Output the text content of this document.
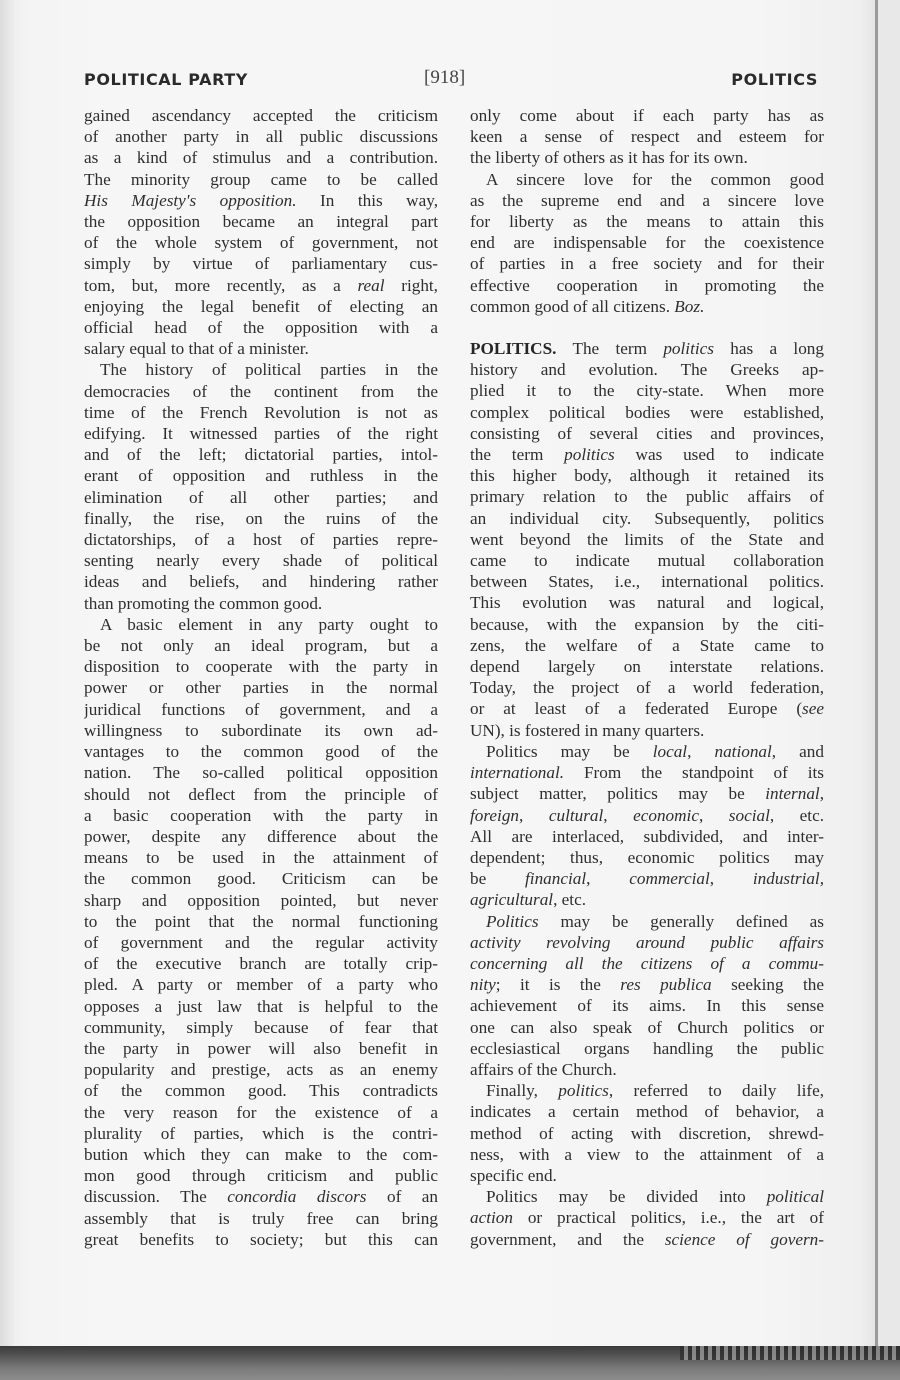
POLITICAL PARTY	[918]	POLITICS
gained ascendancy accepted the criticism
of another party in all public discussions
as a kind of stimulus and a contribution.
The minority group came to be called
His Majesty's opposition. In this way,
the opposition became an integral part
of the whole system of government, not
simply by virtue of parliamentary cus-
tom, but, more recently, as a real right,
enjoying the legal benefit of electing an
official head of the opposition with a
salary equal to that of a minister.
The history of political parties in the
democracies of the continent from the
time of the French Revolution is not as
edifying. It witnessed parties of the right
and of the left; dictatorial parties, intol-
erant of opposition and ruthless in the
elimination of all other parties; and
finally, the rise, on the ruins of the
dictatorships, of a host of parties repre-
senting nearly every shade of political
ideas and beliefs, and hindering rather
than promoting the common good.
A basic element in any party ought to
be not only an ideal program, but a
disposition to cooperate with the party in
power or other parties in the normal
juridical functions of government, and a
willingness to subordinate its own ad-
vantages to the common good of the
nation. The so-called political opposition
should not deflect from the principle of
a basic cooperation with the party in
power, despite any difference about the
means to be used in the attainment of
the common good. Criticism can be
sharp and opposition pointed, but never
to the point that the normal functioning
of government and the regular activity
of the executive branch are totally crip-
pled. A party or member of a party who
opposes a just law that is helpful to the
community, simply because of fear that
the party in power will also benefit in
popularity and prestige, acts as an enemy
of the common good. This contradicts
the very reason for the existence of a
plurality of parties, which is the contri-
bution which they can make to the com-
mon good through criticism and public
discussion. The concordia discors of an
assembly that is truly free can bring
great benefits to society; but this can
only come about if each party has as
keen a sense of respect and esteem for
the liberty of others as it has for its own.
A sincere love for the common good
as the supreme end and a sincere love
for liberty as the means to attain this
end are indispensable for the coexistence
of parties in a free society and for their
effective cooperation in promoting the
common good of all citizens. Boz.
POLITICS. The term politics has a long
history and evolution. The Greeks ap-
plied it to the city-state. When more
complex political bodies were established,
consisting of several cities and provinces,
the term politics was used to indicate
this higher body, although it retained its
primary relation to the public affairs of
an individual city. Subsequently, politics
went beyond the limits of the State and
came to indicate mutual collaboration
between States, i.e., international politics.
This evolution was natural and logical,
because, with the expansion by the citi-
zens, the welfare of a State came to
depend largely on interstate relations.
Today, the project of a world federation,
or at least of a federated Europe (see
UN), is fostered in many quarters.
Politics may be local, national, and
international. From the standpoint of its
subject matter, politics may be internal,
foreign, cultural, economic, social, etc.
All are interlaced, subdivided, and inter-
dependent; thus, economic politics may
be financial, commercial, industrial,
agricultural, etc.
Politics may be generally defined as
activity revolving around public affairs
concerning all the citizens of a commu-
nity; it is the res publica seeking the
achievement of its aims. In this sense
one can also speak of Church politics or
ecclesiastical organs handling the public
affairs of the Church.
Finally, politics, referred to daily life,
indicates a certain method of behavior, a
method of acting with discretion, shrewd-
ness, with a view to the attainment of a
specific end.
Politics may be divided into political
action or practical politics, i.e., the art of
government, and the science of govern-
